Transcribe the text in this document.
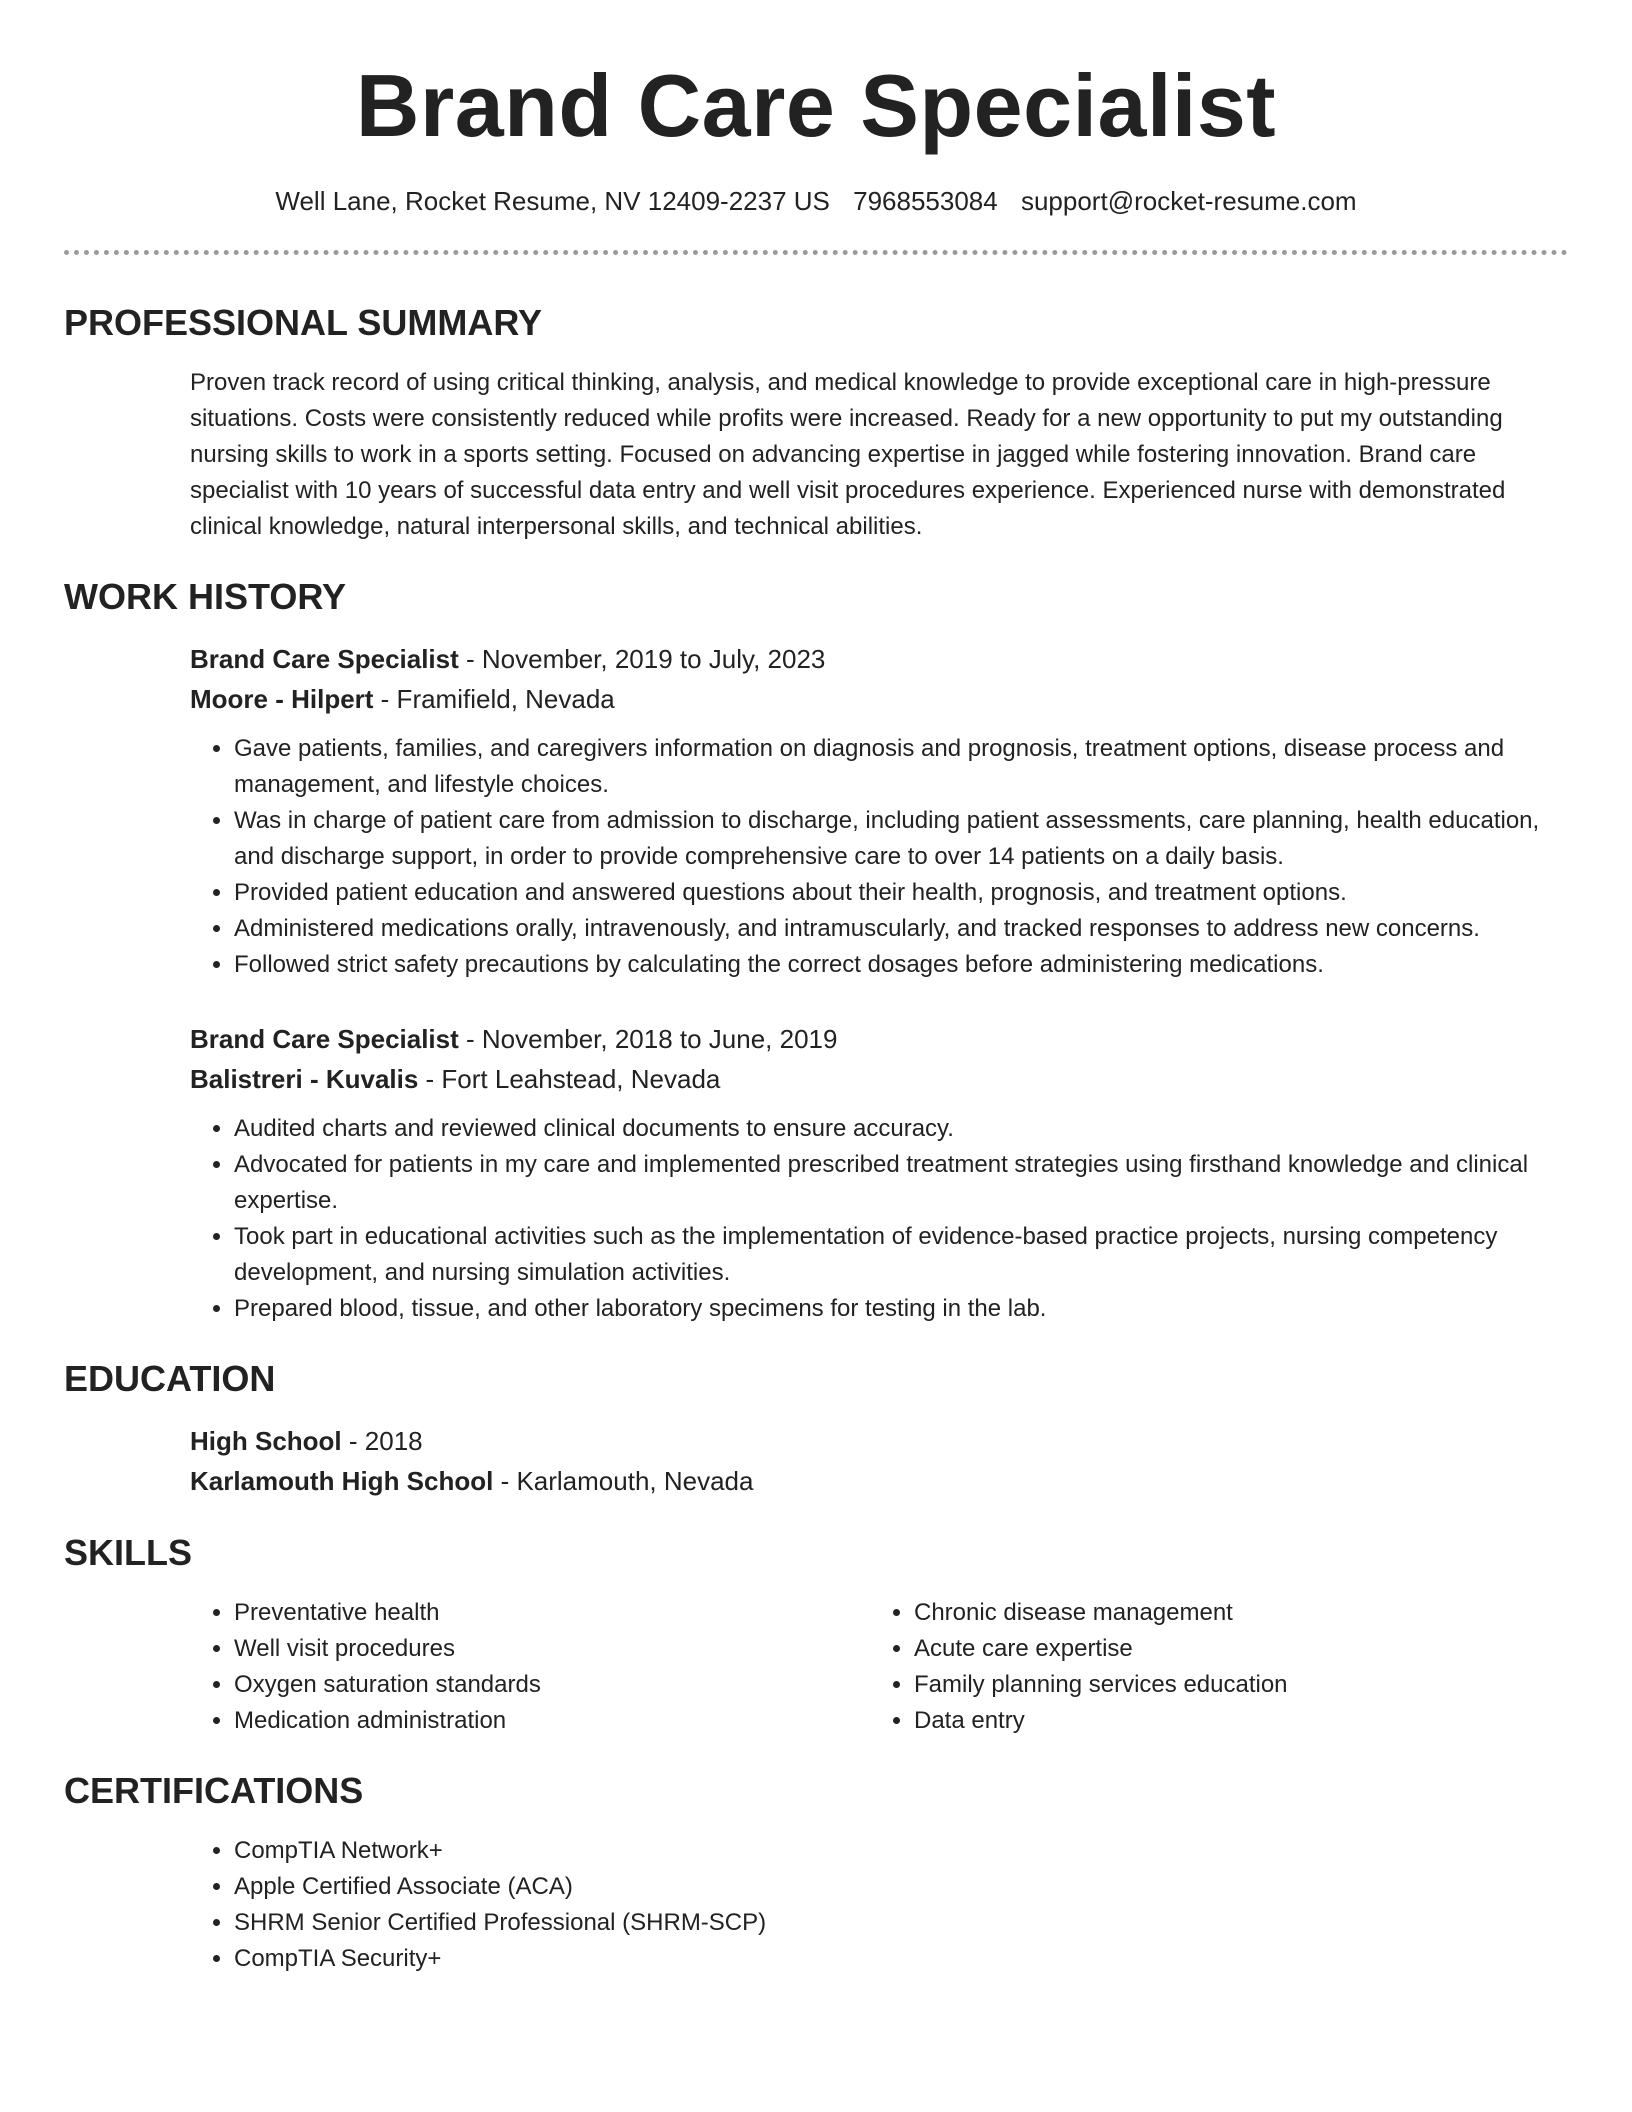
Brand Care Specialist
Well Lane, Rocket Resume, NV 12409-2237 US 7968553084 support@rocket-resume.com
PROFESSIONAL SUMMARY

Proven track record of using critical thinking, analysis, and medical knowledge to provide exceptional care in high-pressure situations. Costs were consistently reduced while profits were increased. Ready for a new opportunity to put my outstanding nursing skills to work in a sports setting. Focused on advancing expertise in jagged while fostering innovation. Brand care specialist with 10 years of successful data entry and well visit procedures experience. Experienced nurse with demonstrated clinical knowledge, natural interpersonal skills, and technical abilities.

WORK HISTORY
Brand Care Specialist - November, 2019 to July, 2023
Moore - Hilpert - Framifield, Nevada
• Gave patients, families, and caregivers information on diagnosis and prognosis, treatment options, disease process and management, and lifestyle choices.
• Was in charge of patient care from admission to discharge, including patient assessments, care planning, health education, and discharge support, in order to provide comprehensive care to over 14 patients on a daily basis.
• Provided patient education and answered questions about their health, prognosis, and treatment options.
• Administered medications orally, intravenously, and intramuscularly, and tracked responses to address new concerns.
• Followed strict safety precautions by calculating the correct dosages before administering medications.
Brand Care Specialist - November, 2018 to June, 2019
Balistreri - Kuvalis - Fort Leahstead, Nevada
• Audited charts and reviewed clinical documents to ensure accuracy.
• Advocated for patients in my care and implemented prescribed treatment strategies using firsthand knowledge and clinical expertise.
• Took part in educational activities such as the implementation of evidence-based practice projects, nursing competency development, and nursing simulation activities.
• Prepared blood, tissue, and other laboratory specimens for testing in the lab.
EDUCATION
High School - 2018
Karlamouth High School - Karlamouth, Nevada
SKILLS
• Preventative health
• Well visit procedures
• Oxygen saturation standards
• Medication administration
• Chronic disease management
• Acute care expertise
• Family planning services education
• Data entry
CERTIFICATIONS
• CompTIA Network+
• Apple Certified Associate (ACA)
• SHRM Senior Certified Professional (SHRM-SCP)
• CompTIA Security+
